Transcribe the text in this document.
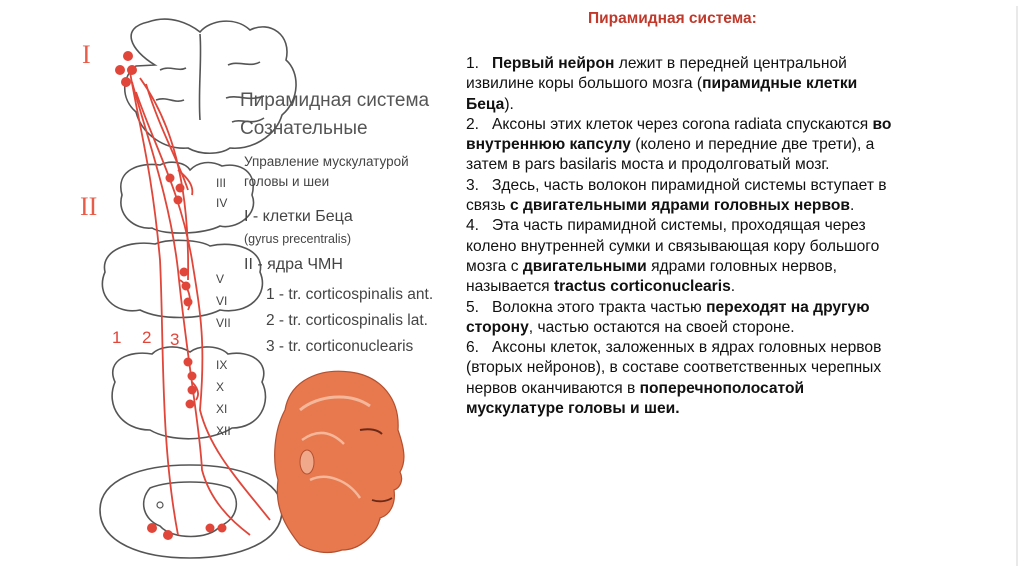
Пирамидная система
Сознательные
Управление мускулатурой
головы и шеи
I - клетки Беца
(gyrus precentralis)
II - ядра ЧМН
1 - tr. corticospinalis ant.
2 - tr. corticospinalis lat.
3 - tr. corticonuclearis
I
II
III
IV
V
VI
VII
IX
X
XI
XII
1 2 3
Пирамидная система:

1.   Первый нейрон лежит в передней центральной извилине коры большого мозга (пирамидные клетки Беца).

2.   Аксоны этих клеток через corona radiata спускаются во внутреннюю капсулу (колено и передние две трети), а затем в pars basilaris моста и продолговатый мозг.

3.   Здесь, часть волокон пирамидной системы вступает в связь с двигательными ядрами головных нервов.

4.   Эта часть пирамидной системы, проходящая через колено внутренней сумки и связывающая кору большого мозга с двигательными ядрами головных нервов, называется tractus corticonuclearis.

5.   Волокна этого тракта частью переходят на другую сторону, частью остаются на своей стороне.

6.   Аксоны клеток, заложенных в ядрах головных нервов (вторых нейронов), в составе соответственных черепных нервов оканчиваются в поперечнополосатой мускулатуре головы и шеи.
